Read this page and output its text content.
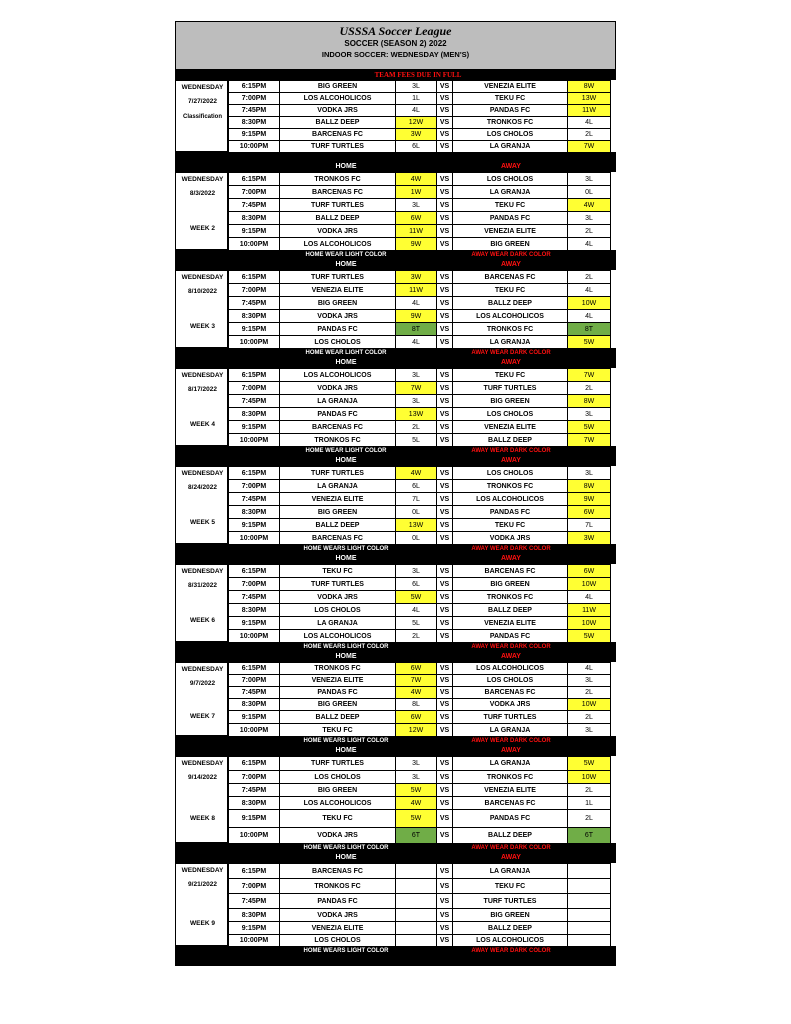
USSSA Soccer League
SOCCER (SEASON 2) 2022
INDOOR SOCCER: WEDNESDAY (MEN'S)
TEAM FEES DUE IN FULL
WEDNESDAY
7/27/2022
Classification
6:15PM	BIG GREEN	3L	VS	VENEZIA ELITE	8W
7:00PM	LOS ALCOHOLICOS	1L	VS	TEKU FC	13W
7:45PM	VODKA JRS	4L	VS	PANDAS FC	11W
8:30PM	BALLZ DEEP	12W	VS	TRONKOS FC	4L
9:15PM	BARCENAS FC	3W	VS	LOS CHOLOS	2L
10:00PM	TURF TURTLES	6L	VS	LA GRANJA	7W
HOME	AWAY
WEDNESDAY
8/3/2022
WEEK 2
6:15PM	TRONKOS FC	4W	VS	LOS CHOLOS	3L
7:00PM	BARCENAS FC	1W	VS	LA GRANJA	0L
7:45PM	TURF TURTLES	3L	VS	TEKU FC	4W
8:30PM	BALLZ DEEP	6W	VS	PANDAS FC	3L
9:15PM	VODKA JRS	11W	VS	VENEZIA ELITE	2L
10:00PM	LOS ALCOHOLICOS	9W	VS	BIG GREEN	4L
HOME WEAR LIGHT COLOR	AWAY WEAR DARK COLOR
HOME	AWAY
WEDNESDAY
8/10/2022
WEEK 3
6:15PM	TURF TURTLES	3W	VS	BARCENAS FC	2L
7:00PM	VENEZIA ELITE	11W	VS	TEKU FC	4L
7:45PM	BIG GREEN	4L	VS	BALLZ DEEP	10W
8:30PM	VODKA JRS	9W	VS	LOS ALCOHOLICOS	4L
9:15PM	PANDAS FC	8T	VS	TRONKOS FC	8T
10:00PM	LOS CHOLOS	4L	VS	LA GRANJA	5W
HOME WEAR LIGHT COLOR	AWAY WEAR DARK COLOR
HOME	AWAY
WEDNESDAY
8/17/2022
WEEK 4
6:15PM	LOS ALCOHOLICOS	3L	VS	TEKU FC	7W
7:00PM	VODKA JRS	7W	VS	TURF TURTLES	2L
7:45PM	LA GRANJA	3L	VS	BIG GREEN	8W
8:30PM	PANDAS FC	13W	VS	LOS CHOLOS	3L
9:15PM	BARCENAS FC	2L	VS	VENEZIA ELITE	5W
10:00PM	TRONKOS FC	5L	VS	BALLZ DEEP	7W
HOME WEAR LIGHT COLOR	AWAY WEAR DARK COLOR
HOME	AWAY
WEDNESDAY
8/24/2022
WEEK 5
6:15PM	TURF TURTLES	4W	VS	LOS CHOLOS	3L
7:00PM	LA GRANJA	6L	VS	TRONKOS FC	8W
7:45PM	VENEZIA ELITE	7L	VS	LOS ALCOHOLICOS	9W
8:30PM	BIG GREEN	0L	VS	PANDAS FC	6W
9:15PM	BALLZ DEEP	13W	VS	TEKU FC	7L
10:00PM	BARCENAS FC	0L	VS	VODKA JRS	3W
HOME WEARS LIGHT COLOR	AWAY WEAR DARK COLOR
HOME	AWAY
WEDNESDAY
8/31/2022
WEEK 6
6:15PM	TEKU FC	3L	VS	BARCENAS FC	6W
7:00PM	TURF TURTLES	6L	VS	BIG GREEN	10W
7:45PM	VODKA JRS	5W	VS	TRONKOS FC	4L
8:30PM	LOS CHOLOS	4L	VS	BALLZ DEEP	11W
9:15PM	LA GRANJA	5L	VS	VENEZIA ELITE	10W
10:00PM	LOS ALCOHOLICOS	2L	VS	PANDAS FC	5W
HOME WEARS LIGHT COLOR	AWAY WEAR DARK COLOR
HOME	AWAY
WEDNESDAY
9/7/2022
WEEK 7
6:15PM	TRONKOS FC	6W	VS	LOS ALCOHOLICOS	4L
7:00PM	VENEZIA ELITE	7W	VS	LOS CHOLOS	3L
7:45PM	PANDAS FC	4W	VS	BARCENAS FC	2L
8:30PM	BIG GREEN	8L	VS	VODKA JRS	10W
9:15PM	BALLZ DEEP	6W	VS	TURF TURTLES	2L
10:00PM	TEKU FC	12W	VS	LA GRANJA	3L
HOME WEARS LIGHT COLOR	AWAY WEAR DARK COLOR
HOME	AWAY
WEDNESDAY
9/14/2022
WEEK 8
6:15PM	TURF TURTLES	3L	VS	LA GRANJA	5W
7:00PM	LOS CHOLOS	3L	VS	TRONKOS FC	10W
7:45PM	BIG GREEN	5W	VS	VENEZIA ELITE	2L
8:30PM	LOS ALCOHOLICOS	4W	VS	BARCENAS FC	1L
9:15PM	TEKU FC	5W	VS	PANDAS FC	2L
10:00PM	VODKA JRS	6T	VS	BALLZ DEEP	6T
HOME WEARS LIGHT COLOR	AWAY WEAR DARK COLOR
HOME	AWAY
WEDNESDAY
9/21/2022
WEEK 9
6:15PM	BARCENAS FC	VS	LA GRANJA
7:00PM	TRONKOS FC	VS	TEKU FC
7:45PM	PANDAS FC	VS	TURF TURTLES
8:30PM	VODKA JRS	VS	BIG GREEN
9:15PM	VENEZIA ELITE	VS	BALLZ DEEP
10:00PM	LOS CHOLOS	VS	LOS ALCOHOLICOS
HOME WEARS LIGHT COLOR	AWAY WEAR DARK COLOR
